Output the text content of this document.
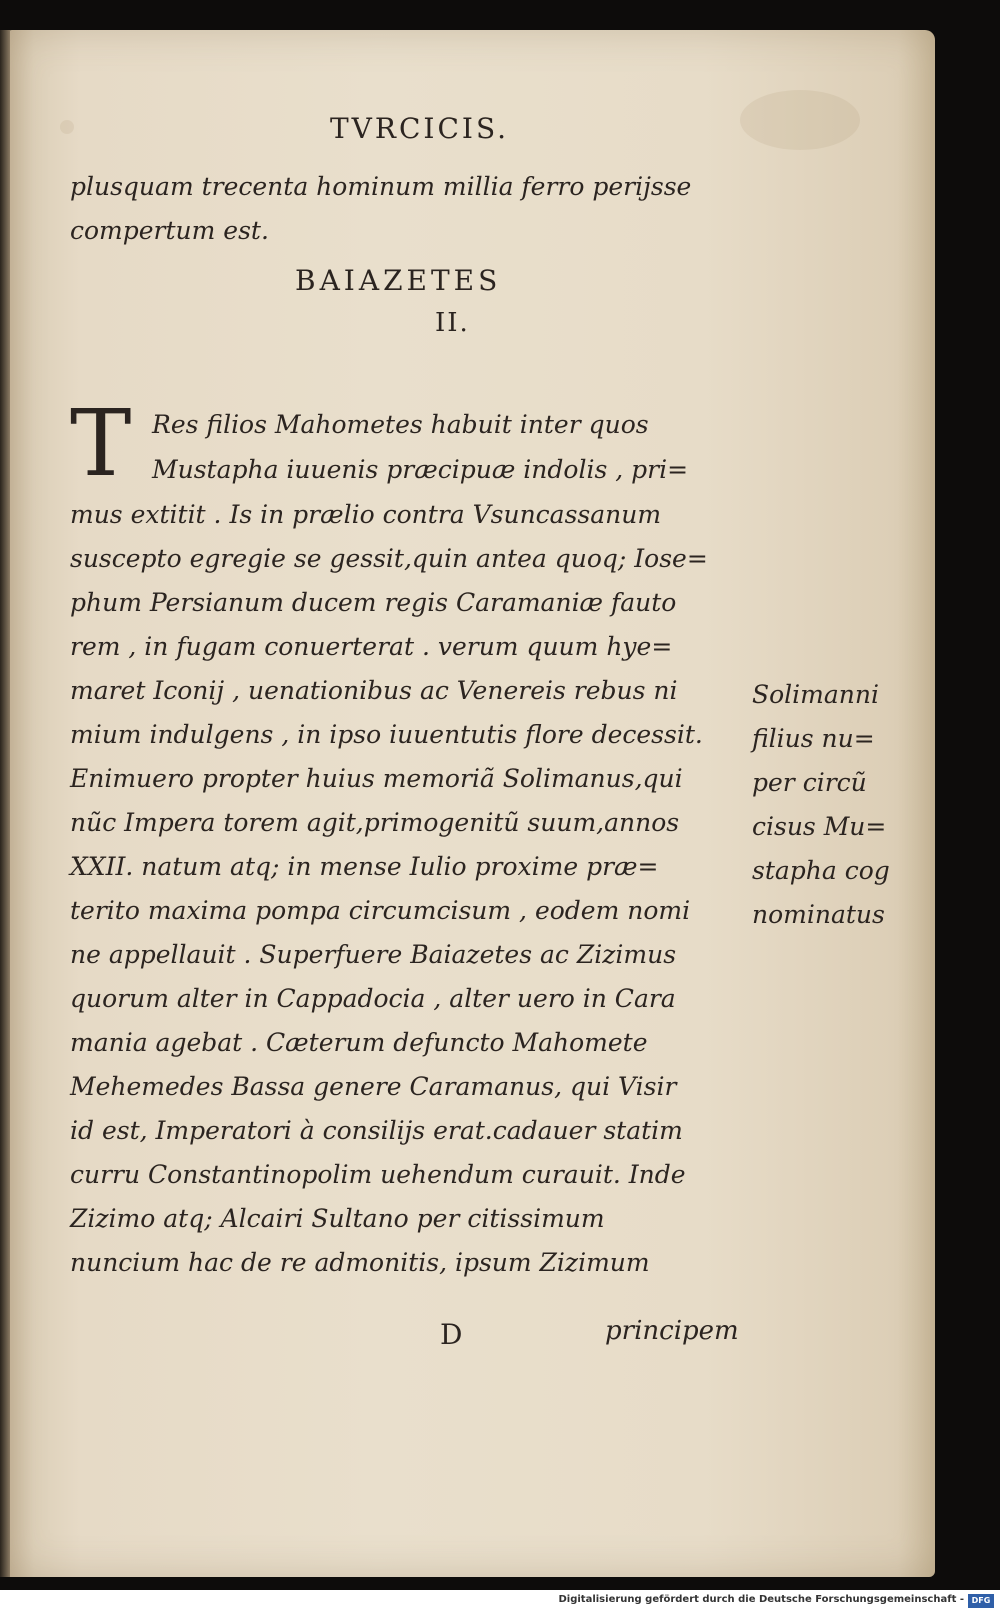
TVRCICIS.
plusquam trecenta hominum millia ferro perijsse
compertum est.
BAIAZETES
II.
T Res filios Mahometes habuit inter quos
Mustapha iuuenis præcipuæ indolis , pri=
mus extitit . Is in prælio contra Vsuncassanum
suscepto egregie se gessit,quin antea quoq; Iose=
phum Persianum ducem regis Caramaniæ fauto
rem , in fugam conuerterat . verum quum hye=
maret Iconij , uenationibus ac Venereis rebus ni
mium indulgens , in ipso iuuentutis flore decessit.
Enimuero propter huius memoriã Solimanus,qui
nũc Impera torem agit,primogenitũ suum,annos
XXII. natum atq; in mense Iulio proxime præ=
terito maxima pompa circumcisum , eodem nomi
ne appellauit . Superfuere Baiazetes ac Zizimus
quorum alter in Cappadocia , alter uero in Cara
mania agebat . Cæterum defuncto Mahomete
Mehemedes Bassa genere Caramanus, qui Visir
id est, Imperatori à consilijs erat.cadauer statim
curru Constantinopolim uehendum curauit. Inde
Zizimo atq; Alcairi Sultano per citissimum
nuncium hac de re admonitis, ipsum Zizimum
Solimanni
filius nu=
per circũ
cisus Mu=
stapha cog
nominatus
D	principem
Digitalisierung gefördert durch die Deutsche Forschungsgemeinschaft - DFG
